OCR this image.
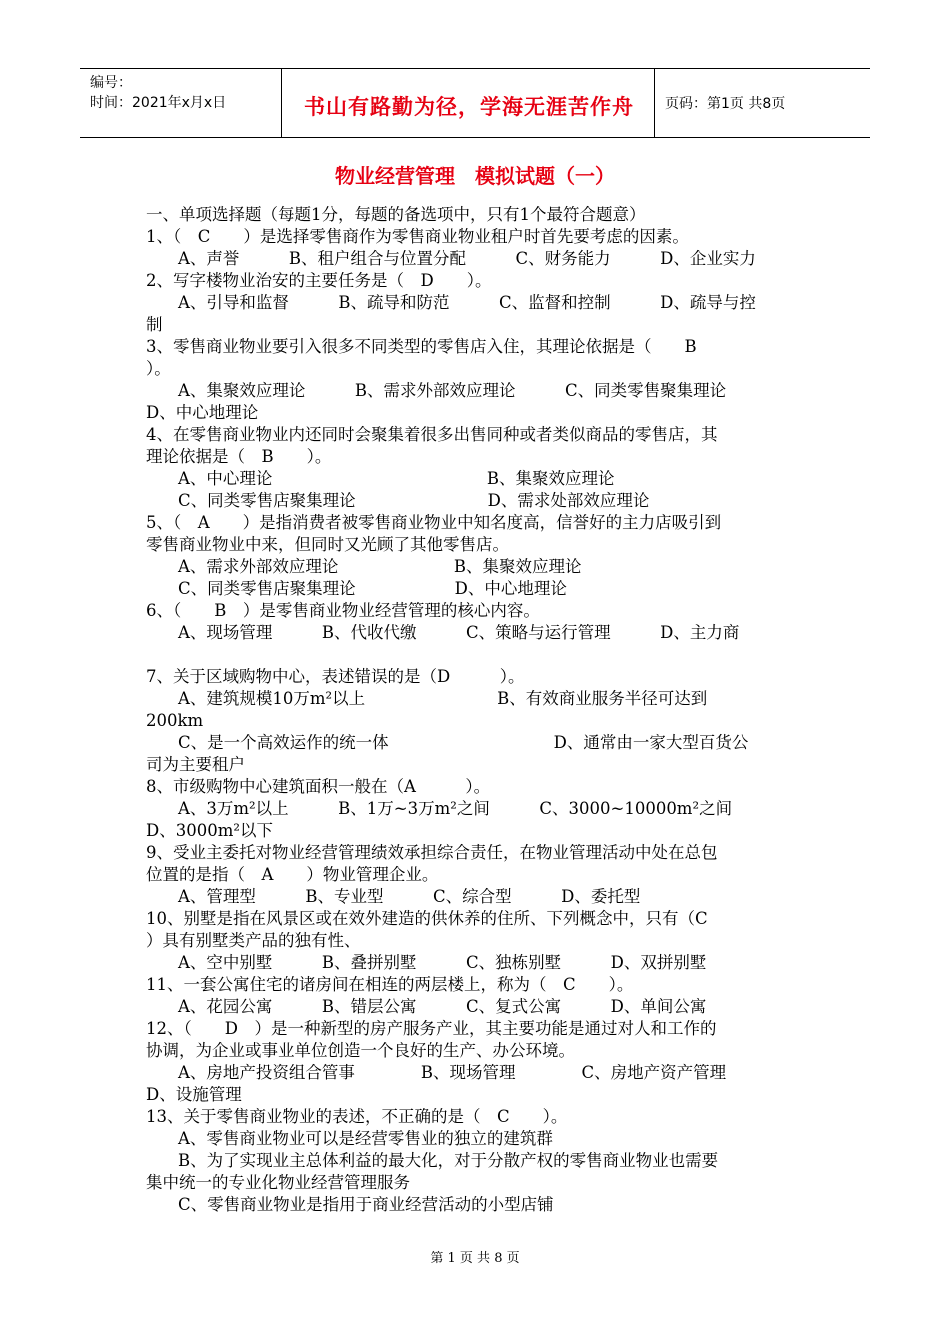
编号：
时间：2021年x月x日	书山有路勤为径，学海无涯苦作舟	页码：第1页 共8页
物业经营管理　模拟试题（一）
一、单项选择题（每题1分，每题的备选项中，只有1个最符合题意）
1、（　C　　）是选择零售商作为零售商业物业租户时首先要考虑的因素。
A、声誉　　　B、租户组合与位置分配　　　C、财务能力　　　D、企业实力
2、写字楼物业治安的主要任务是（　D　　）。
A、引导和监督　　　B、疏导和防范　　　C、监督和控制　　　D、疏导与控
制
3、零售商业物业要引入很多不同类型的零售店入住，其理论依据是（　　B
）。
A、集聚效应理论　　　B、需求外部效应理论　　　C、同类零售聚集理论
D、中心地理论
4、在零售商业物业内还同时会聚集着很多出售同种或者类似商品的零售店，其
理论依据是（　B　　）。
A、中心理论　　　　　　　　　　　　　B、集聚效应理论
C、同类零售店聚集理论　　　　　　　　D、需求处部效应理论
5、（　A　　）是指消费者被零售商业物业中知名度高，信誉好的主力店吸引到
零售商业物业中来，但同时又光顾了其他零售店。
A、需求外部效应理论　　　　　　　B、集聚效应理论
C、同类零售店聚集理论　　　　　　D、中心地理论
6、（　　B　）是零售商业物业经营管理的核心内容。
A、现场管理　　　B、代收代缴　　　C、策略与运行管理　　　D、主力商
7、关于区域购物中心，表述错误的是（D　　　）。
A、建筑规模10万m²以上　　　　　　　　B、有效商业服务半径可达到
200km
C、是一个高效运作的统一体　　　　　　　　　　D、通常由一家大型百货公
司为主要租户
8、市级购物中心建筑面积一般在（A　　　）。
A、3万m²以上　　　B、1万~3万m²之间　　　C、3000~10000m²之间
D、3000m²以下
9、受业主委托对物业经营管理绩效承担综合责任，在物业管理活动中处在总包
位置的是指（　A　　）物业管理企业。
A、管理型　　　B、专业型　　　C、综合型　　　D、委托型
10、别墅是指在风景区或在效外建造的供休养的住所、下列概念中，只有（C
）具有别墅类产品的独有性、
A、空中别墅　　　B、叠拼别墅　　　C、独栋别墅　　　D、双拼别墅
11、一套公寓住宅的诸房间在相连的两层楼上，称为（　C　　）。
A、花园公寓　　　B、错层公寓　　　C、复式公寓　　　D、单间公寓
12、（　　D　）是一种新型的房产服务产业，其主要功能是通过对人和工作的
协调，为企业或事业单位创造一个良好的生产、办公环境。
A、房地产投资组合管事　　　　B、现场管理　　　　C、房地产资产管理
D、设施管理
13、关于零售商业物业的表述，不正确的是（　C　　）。
A、零售商业物业可以是经营零售业的独立的建筑群
B、为了实现业主总体利益的最大化，对于分散产权的零售商业物业也需要
集中统一的专业化物业经营管理服务
C、零售商业物业是指用于商业经营活动的小型店铺
第 1 页 共 8 页
